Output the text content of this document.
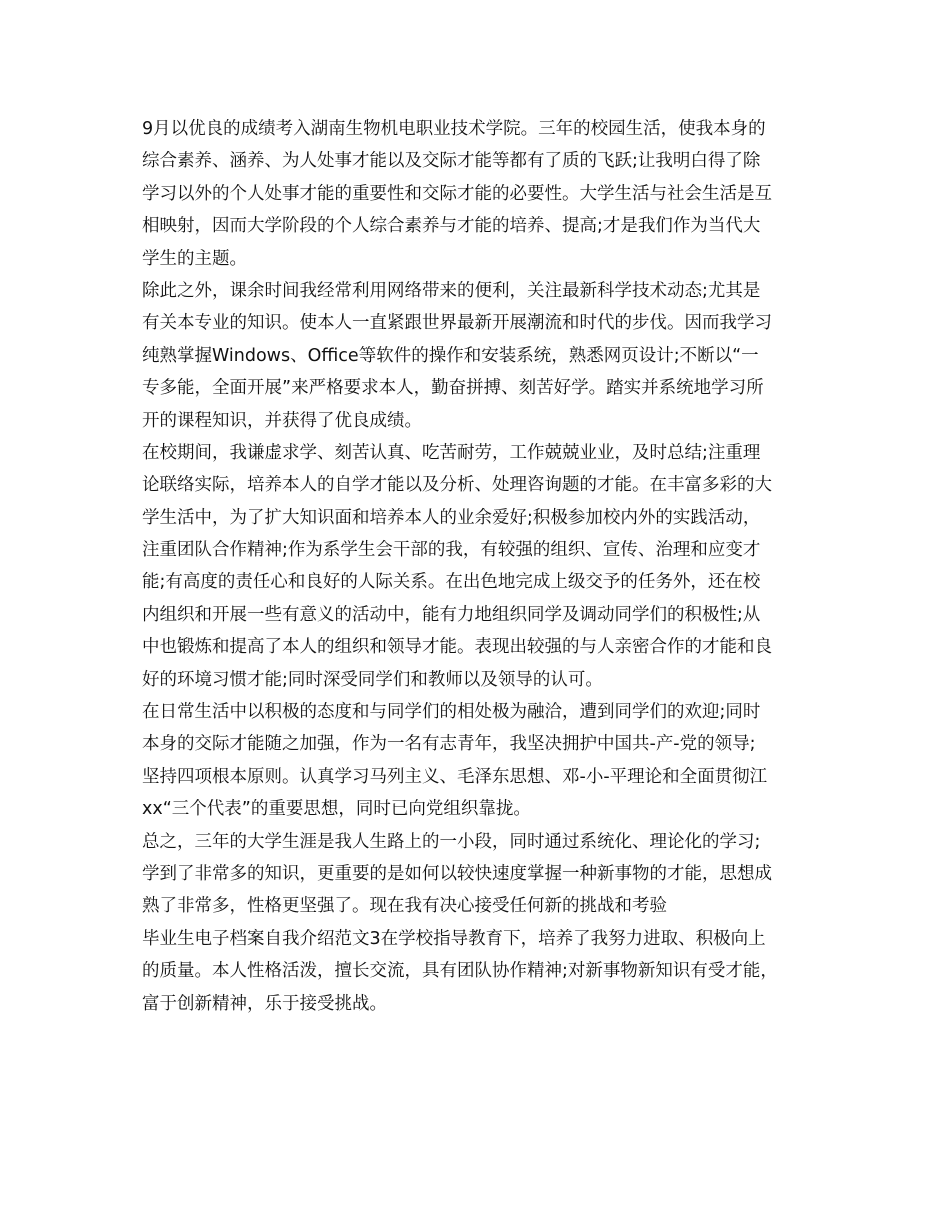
9月以优良的成绩考入湖南生物机电职业技术学院。三年的校园生活，使我本身的
综合素养、涵养、为人处事才能以及交际才能等都有了质的飞跃;让我明白得了除
学习以外的个人处事才能的重要性和交际才能的必要性。大学生活与社会生活是互
相映射，因而大学阶段的个人综合素养与才能的培养、提高;才是我们作为当代大
学生的主题。
除此之外，课余时间我经常利用网络带来的便利，关注最新科学技术动态;尤其是
有关本专业的知识。使本人一直紧跟世界最新开展潮流和时代的步伐。因而我学习
纯熟掌握Windows、Office等软件的操作和安装系统，熟悉网页设计;不断以“一
专多能，全面开展”来严格要求本人，勤奋拼搏、刻苦好学。踏实并系统地学习所
开的课程知识，并获得了优良成绩。
在校期间，我谦虚求学、刻苦认真、吃苦耐劳，工作兢兢业业，及时总结;注重理
论联络实际，培养本人的自学才能以及分析、处理咨询题的才能。在丰富多彩的大
学生活中，为了扩大知识面和培养本人的业余爱好;积极参加校内外的实践活动，
注重团队合作精神;作为系学生会干部的我，有较强的组织、宣传、治理和应变才
能;有高度的责任心和良好的人际关系。在出色地完成上级交予的任务外，还在校
内组织和开展一些有意义的活动中，能有力地组织同学及调动同学们的积极性;从
中也锻炼和提高了本人的组织和领导才能。表现出较强的与人亲密合作的才能和良
好的环境习惯才能;同时深受同学们和教师以及领导的认可。
在日常生活中以积极的态度和与同学们的相处极为融洽，遭到同学们的欢迎;同时
本身的交际才能随之加强，作为一名有志青年，我坚决拥护中国共-产-党的领导;
坚持四项根本原则。认真学习马列主义、毛泽东思想、邓-小-平理论和全面贯彻江
xx“三个代表”的重要思想，同时已向党组织靠拢。
总之，三年的大学生涯是我人生路上的一小段，同时通过系统化、理论化的学习;
学到了非常多的知识，更重要的是如何以较快速度掌握一种新事物的才能，思想成
熟了非常多，性格更坚强了。现在我有决心接受任何新的挑战和考验
毕业生电子档案自我介绍范文3在学校指导教育下，培养了我努力进取、积极向上
的质量。本人性格活泼，擅长交流，具有团队协作精神;对新事物新知识有受才能，
富于创新精神，乐于接受挑战。
